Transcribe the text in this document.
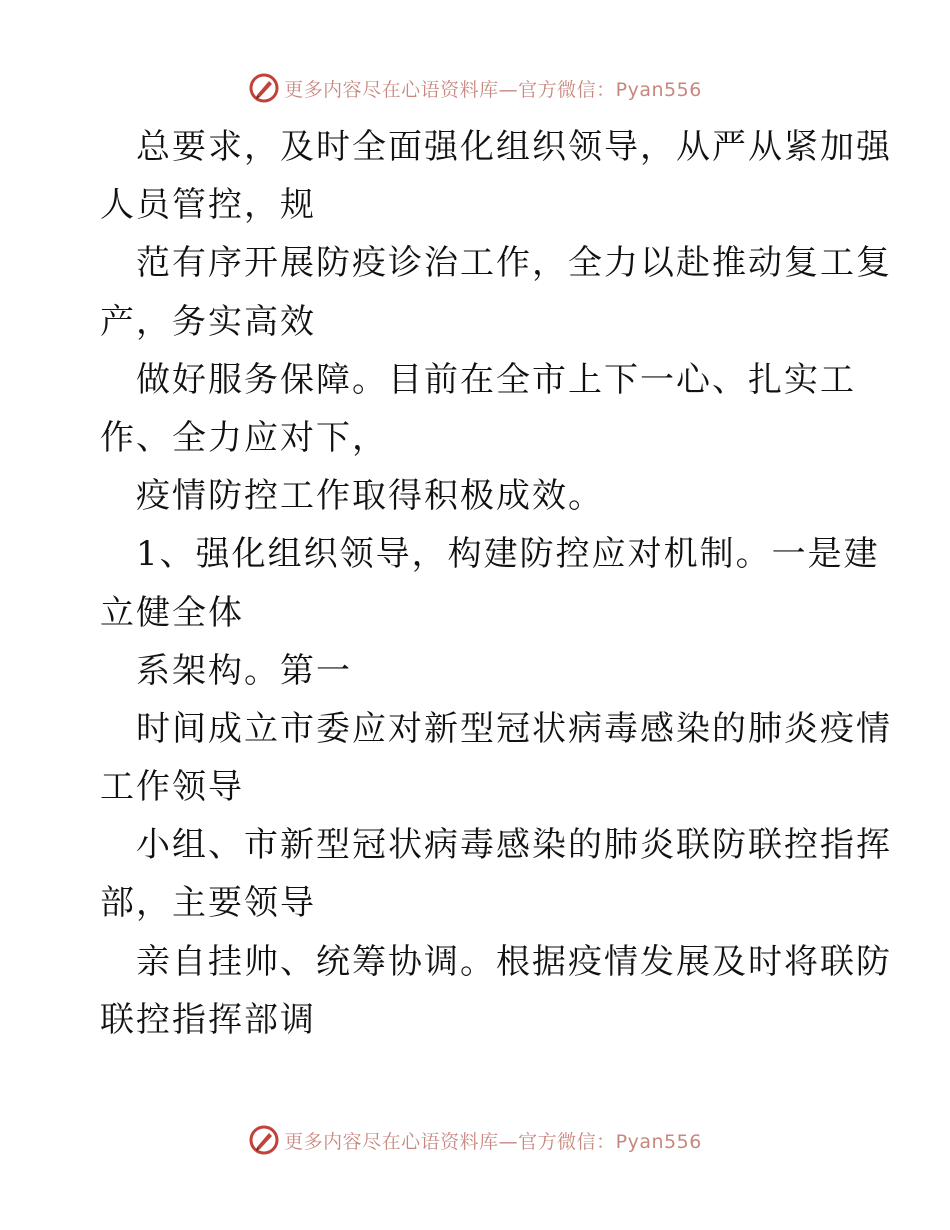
更多内容尽在心语资料库—官方微信：Pyan556
总要求，及时全面强化组织领导，从严从紧加强
人员管控，规
范有序开展防疫诊治工作，全力以赴推动复工复
产，务实高效
做好服务保障。目前在全市上下一心、扎实工
作、全力应对下，
疫情防控工作取得积极成效。
1、强化组织领导，构建防控应对机制。一是建
立健全体
系架构。第一
时间成立市委应对新型冠状病毒感染的肺炎疫情
工作领导
小组、市新型冠状病毒感染的肺炎联防联控指挥
部，主要领导
亲自挂帅、统筹协调。根据疫情发展及时将联防
联控指挥部调
更多内容尽在心语资料库—官方微信：Pyan556
